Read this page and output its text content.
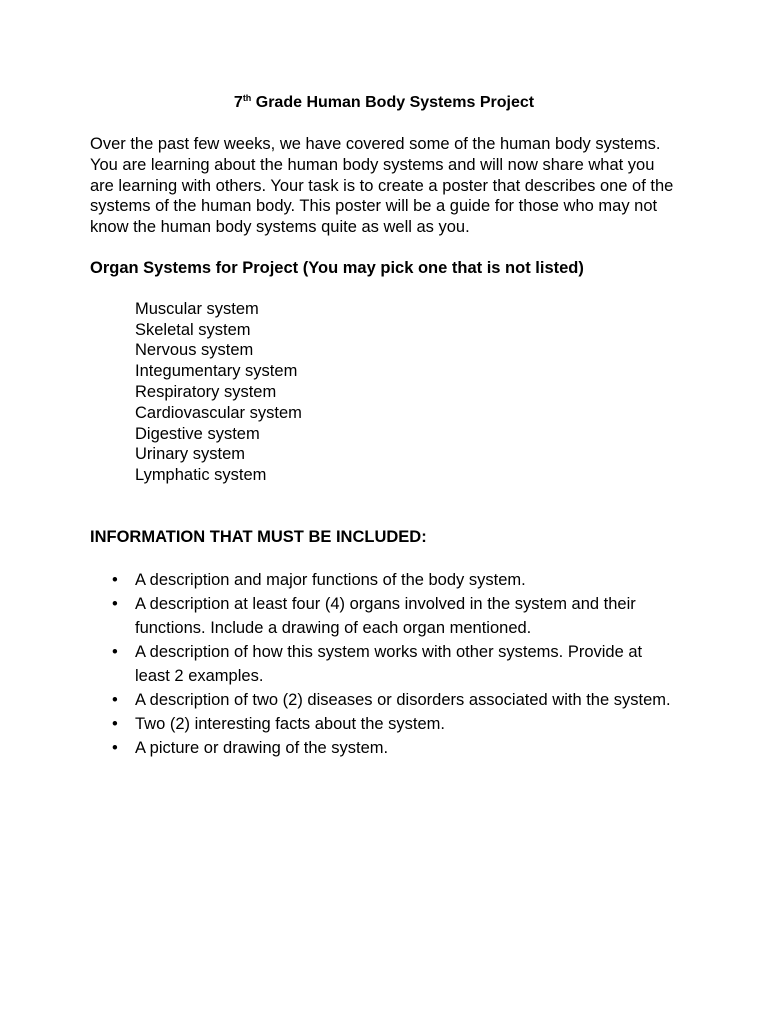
7th Grade Human Body Systems Project

Over the past few weeks, we have covered some of the human body systems. You are learning about the human body systems and will now share what you are learning with others. Your task is to create a poster that describes one of the systems of the human body. This poster will be a guide for those who may not know the human body systems quite as well as you.

Organ Systems for Project (You may pick one that is not listed)

Muscular system
Skeletal system
Nervous system
Integumentary system
Respiratory system
Cardiovascular system
Digestive system
Urinary system
Lymphatic system

INFORMATION THAT MUST BE INCLUDED:

• A description and major functions of the body system.
• A description at least four (4) organs involved in the system and their functions. Include a drawing of each organ mentioned.
• A description of how this system works with other systems. Provide at least 2 examples.
• A description of two (2) diseases or disorders associated with the system.
• Two (2) interesting facts about the system.
• A picture or drawing of the system.
